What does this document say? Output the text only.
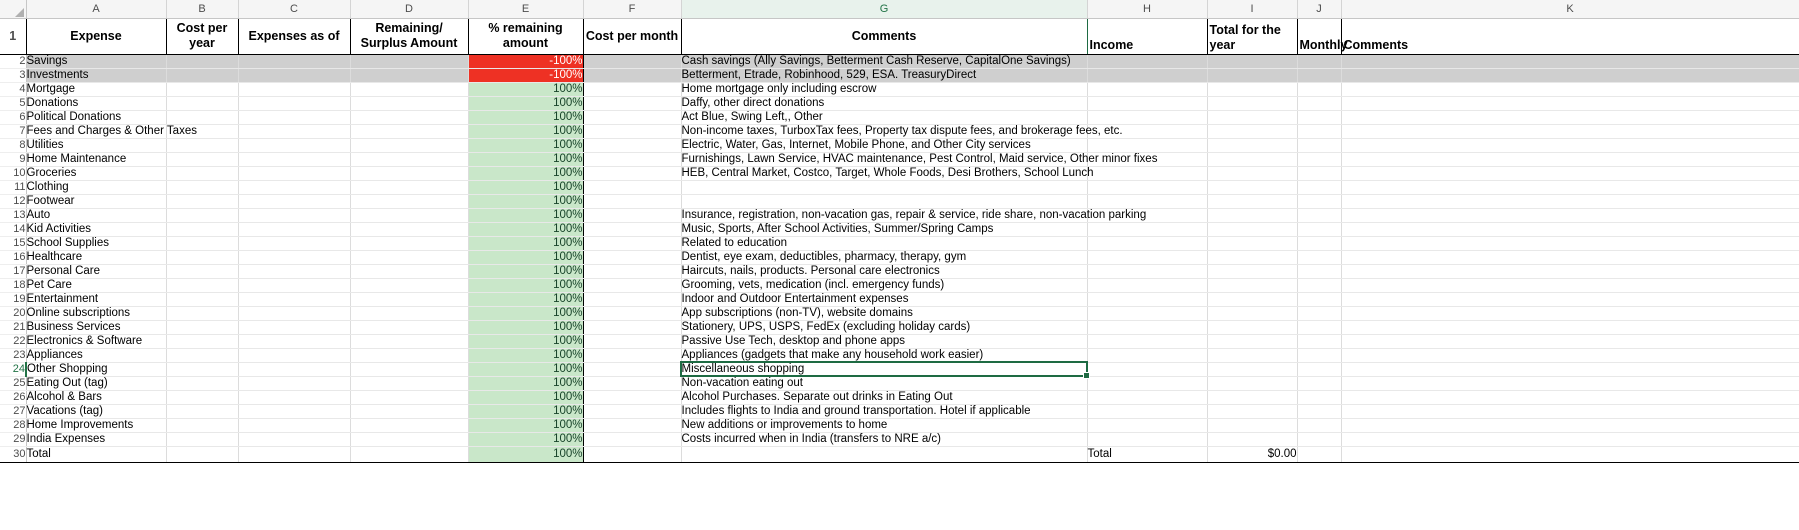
	A	B	C	D	E	F	G	H	I	J	K
1	Expense	Cost per year	Expenses as of	Remaining/ Surplus Amount	% remaining amount	Cost per month	Comments	Income	Total for the year	Monthly	Comments
2	Savings				-100%		Cash savings (Ally Savings, Betterment Cash Reserve, CapitalOne Savings)				
3	Investments				-100%		Betterment, Etrade, Robinhood, 529, ESA. TreasuryDirect				
4	Mortgage				100%		Home mortgage only including escrow				
5	Donations				100%		Daffy, other direct donations				
6	Political Donations				100%		Act Blue, Swing Left,, Other				
7	Fees and Charges & Other Taxes				100%		Non-income taxes, TurboxTax fees, Property tax dispute fees, and brokerage fees, etc.				
8	Utilities				100%		Electric, Water, Gas, Internet, Mobile Phone, and Other City services				
9	Home Maintenance				100%		Furnishings, Lawn Service, HVAC maintenance, Pest Control, Maid service, Other minor fixes				
10	Groceries				100%		HEB, Central Market, Costco, Target, Whole Foods, Desi Brothers, School Lunch				
11	Clothing				100%						
12	Footwear				100%						
13	Auto				100%		Insurance, registration, non-vacation gas, repair & service, ride share, non-vacation parking				
14	Kid Activities				100%		Music, Sports, After School Activities, Summer/Spring Camps				
15	School Supplies				100%		Related to education				
16	Healthcare				100%		Dentist, eye exam, deductibles, pharmacy, therapy, gym				
17	Personal Care				100%		Haircuts, nails, products. Personal care electronics				
18	Pet Care				100%		Grooming, vets, medication (incl. emergency funds)				
19	Entertainment				100%		Indoor and Outdoor Entertainment expenses				
20	Online subscriptions				100%		App subscriptions (non-TV), website domains				
21	Business Services				100%		Stationery, UPS, USPS, FedEx (excluding holiday cards)				
22	Electronics & Software				100%		Passive Use Tech, desktop and phone apps				
23	Appliances				100%		Appliances (gadgets that make any household work easier)				
24	Other Shopping				100%		Miscellaneous shopping				
25	Eating Out (tag)				100%		Non-vacation eating out				
26	Alcohol & Bars				100%		Alcohol Purchases. Separate out drinks in Eating Out				
27	Vacations (tag)				100%		Includes flights to India and ground transportation. Hotel if applicable				
28	Home Improvements				100%		New additions or improvements to home				
29	India Expenses				100%		Costs incurred when in India (transfers to NRE a/c)				
30	Total				100%			Total	$0.00		
